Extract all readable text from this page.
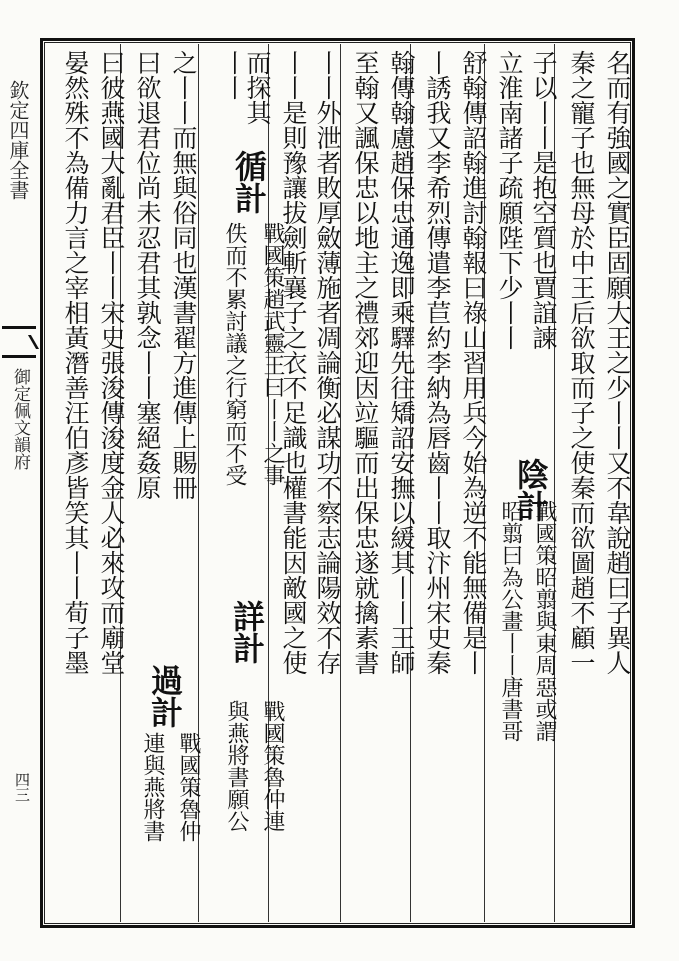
欽定四庫全書
御定佩文韻府
四三
名而有強國之實臣固願大王之少丨丨又不韋說趙曰子異人
秦之寵子也無母於中王后欲取而子之使秦而欲圖趙不顧一
子以丨丨是抱空質也賈誼諫
立淮南諸子疏願陛下少丨丨
陰計
戰國策昭翦與東周惡或謂
昭翦曰為公畫丨丨唐書哥
舒翰傳詔翰進討翰報曰祿山習用兵今始為逆不能無備是丨
丨誘我又李希烈傳遣李苣約李納為唇齒丨丨取汴州宋史秦
翰傳翰慮趙保忠通逸即乘驛先往矯詔安撫以緩其丨丨王師
至翰又諷保忠以地主之禮郊迎因竝驅而出保忠遂就擒素書
丨丨外泄者敗厚斂薄施者凋論衡必謀功不察志論陽效不存
丨丨是則豫讓拔劍斬襄子之衣不足識也權書能因敵國之使
而探其
循計
戰國策趙武靈王曰丨丨之事
丨丨
佚而不累討議之行窮而不受
詳計
戰國策魯仲連
與燕將書願公
之丨丨而無與俗同也漢書翟方進傳上賜冊
曰欲退君位尚未忍君其孰念丨丨塞絕姦原
過計
戰國策魯仲
連與燕將書
曰彼燕國大亂君臣丨丨宋史張浚傳浚度金人必來攻而廟堂
晏然殊不為備力言之宰相黃潛善汪伯彥皆笑其丨丨荀子墨
